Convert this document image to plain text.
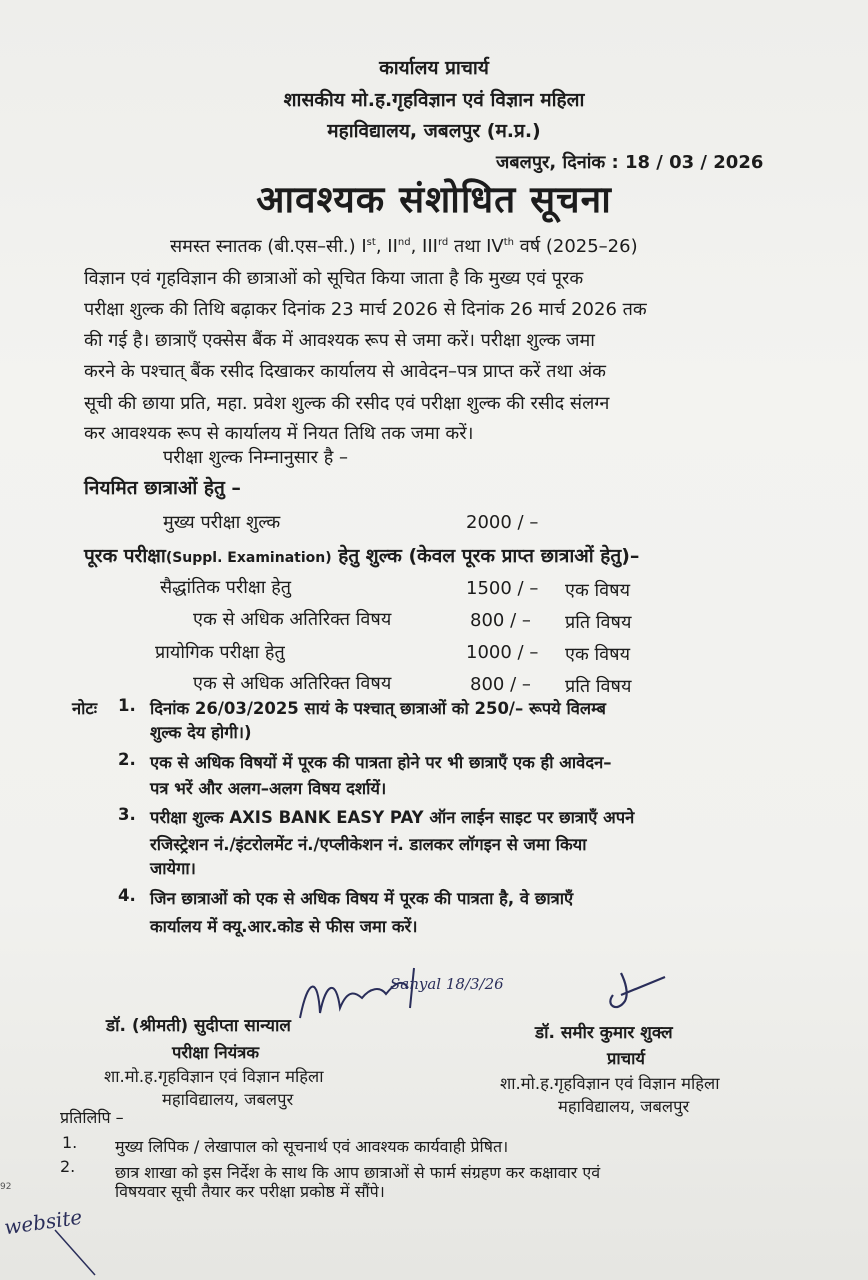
कार्यालय प्राचार्य
शासकीय मो.ह.गृहविज्ञान एवं विज्ञान महिला
महाविद्यालय, जबलपुर (म.प्र.)
जबलपुर, दिनांक : 18 / 03 / 2026
आवश्यक संशोधित सूचना
समस्त स्नातक (बी.एस–सी.) Ist, IInd, IIIrd तथा IVth वर्ष (2025–26)
विज्ञान एवं गृहविज्ञान की छात्राओं को सूचित किया जाता है कि मुख्य एवं पूरक
परीक्षा शुल्क की तिथि बढ़ाकर दिनांक 23 मार्च 2026 से दिनांक 26 मार्च 2026 तक
की गई है। छात्राएँ एक्सेस बैंक में आवश्यक रूप से जमा करें। परीक्षा शुल्क जमा
करने के पश्चात् बैंक रसीद दिखाकर कार्यालय से आवेदन–पत्र प्राप्त करें तथा अंक
सूची की छाया प्रति, महा. प्रवेश शुल्क की रसीद एवं परीक्षा शुल्क की रसीद संलग्न
कर आवश्यक रूप से कार्यालय में नियत तिथि तक जमा करें।
परीक्षा शुल्क निम्नानुसार है –
नियमित छात्राओं हेतु –
मुख्य परीक्षा शुल्क	2000 / –
पूरक परीक्षा(Suppl. Examination) हेतु शुल्क (केवल पूरक प्राप्त छात्राओं हेतु)–
सैद्धांतिक परीक्षा हेतु	1500 / – एक विषय
एक से अधिक अतिरिक्त विषय	800 / – प्रति विषय
प्रायोगिक परीक्षा हेतु	1000 / – एक विषय
एक से अधिक अतिरिक्त विषय	800 / – प्रति विषय
नोटः 1. दिनांक 26/03/2025 सायं के पश्चात् छात्राओं को 250/– रूपये विलम्ब
शुल्क देय होगी।)
2. एक से अधिक विषयों में पूरक की पात्रता होने पर भी छात्राएँ एक ही आवेदन–
पत्र भरें और अलग–अलग विषय दर्शायें।
3. परीक्षा शुल्क AXIS BANK EASY PAY ऑन लाईन साइट पर छात्राएँ अपने
रजिस्ट्रेशन नं./इंटरोलमेंट नं./एप्लीकेशन नं. डालकर लॉगइन से जमा किया
जायेगा।
4. जिन छात्राओं को एक से अधिक विषय में पूरक की पात्रता है, वे छात्राएँ
कार्यालय में क्यू.आर.कोड से फीस जमा करें।
Sanyal 18/3/26
डॉ. (श्रीमती) सुदीप्ता सान्याल
परीक्षा नियंत्रक
शा.मो.ह.गृहविज्ञान एवं विज्ञान महिला
महाविद्यालय, जबलपुर
डॉ. समीर कुमार शुक्ल
प्राचार्य
शा.मो.ह.गृहविज्ञान एवं विज्ञान महिला
महाविद्यालय, जबलपुर
प्रतिलिपि –
1. मुख्य लिपिक / लेखापाल को सूचनार्थ एवं आवश्यक कार्यवाही प्रेषित।
2. छात्र शाखा को इस निर्देश के साथ कि आप छात्राओं से फार्म संग्रहण कर कक्षावार एवं
विषयवार सूची तैयार कर परीक्षा प्रकोष्ठ में सौंपे।
92
website
